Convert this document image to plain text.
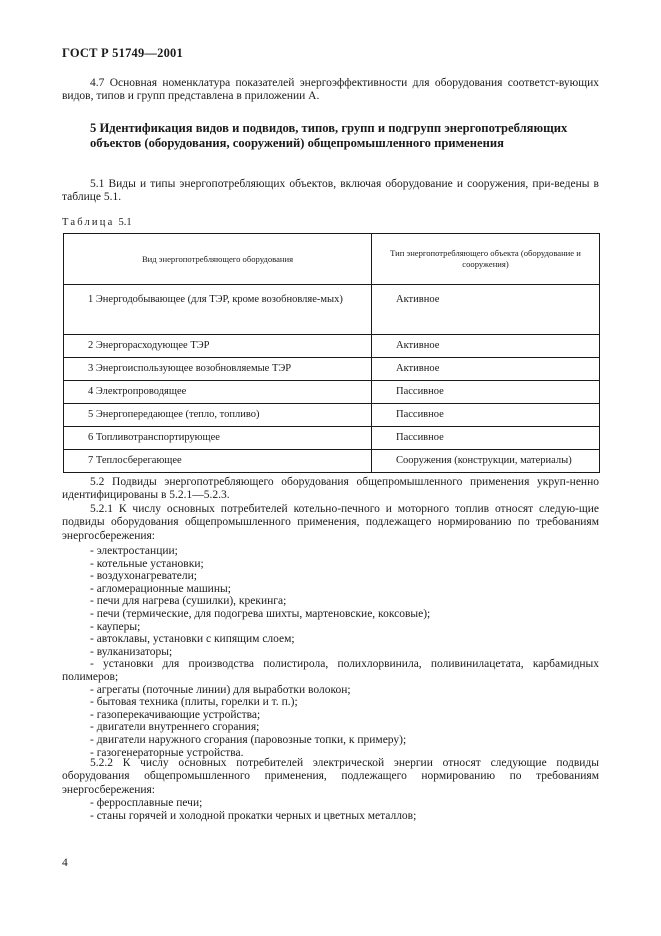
ГОСТ Р 51749—2001
4.7 Основная номенклатура показателей энергоэффективности для оборудования соответст-вующих видов, типов и групп представлена в приложении А.
5 Идентификация видов и подвидов, типов, групп и подгрупп энергопотребляющих объектов (оборудования, сооружений) общепромышленного применения
5.1 Виды и типы энергопотребляющих объектов, включая оборудование и сооружения, при-ведены в таблице 5.1.
Таблица 5.1
Вид энергопотребляющего оборудования	Тип энергопотребляющего объекта (оборудование и сооружения)
1 Энергодобывающее (для ТЭР, кроме возобновляе-мых)	Активное
2 Энергорасходующее ТЭР	Активное
3 Энергоиспользующее возобновляемые ТЭР	Активное
4 Электропроводящее	Пассивное
5 Энергопередающее (тепло, топливо)	Пассивное
6 Топливотранспортирующее	Пассивное
7 Теплосберегающее	Сооружения (конструкции, материалы)
5.2 Подвиды энергопотребляющего оборудования общепромышленного применения укруп-ненно идентифицированы в 5.2.1—5.2.3.
5.2.1 К числу основных потребителей котельно-печного и моторного топлив относят следую-щие подвиды оборудования общепромышленного применения, подлежащего нормированию по требованиям энергосбережения:
- электростанции;
- котельные установки;
- воздухонагреватели;
- агломерационные машины;
- печи для нагрева (сушилки), крекинга;
- печи (термические, для подогрева шихты, мартеновские, коксовые);
- кауперы;
- автоклавы, установки с кипящим слоем;
- вулканизаторы;
- установки для производства полистирола, полихлорвинила, поливинилацетата, карбамидных полимеров;
- агрегаты (поточные линии) для выработки волокон;
- бытовая техника (плиты, горелки и т. п.);
- газоперекачивающие устройства;
- двигатели внутреннего сгорания;
- двигатели наружного сгорания (паровозные топки, к примеру);
- газогенераторные устройства.
5.2.2 К числу основных потребителей электрической энергии относят следующие подвиды оборудования общепромышленного применения, подлежащего нормированию по требованиям энергосбережения:
- ферросплавные печи;
- станы горячей и холодной прокатки черных и цветных металлов;
4
